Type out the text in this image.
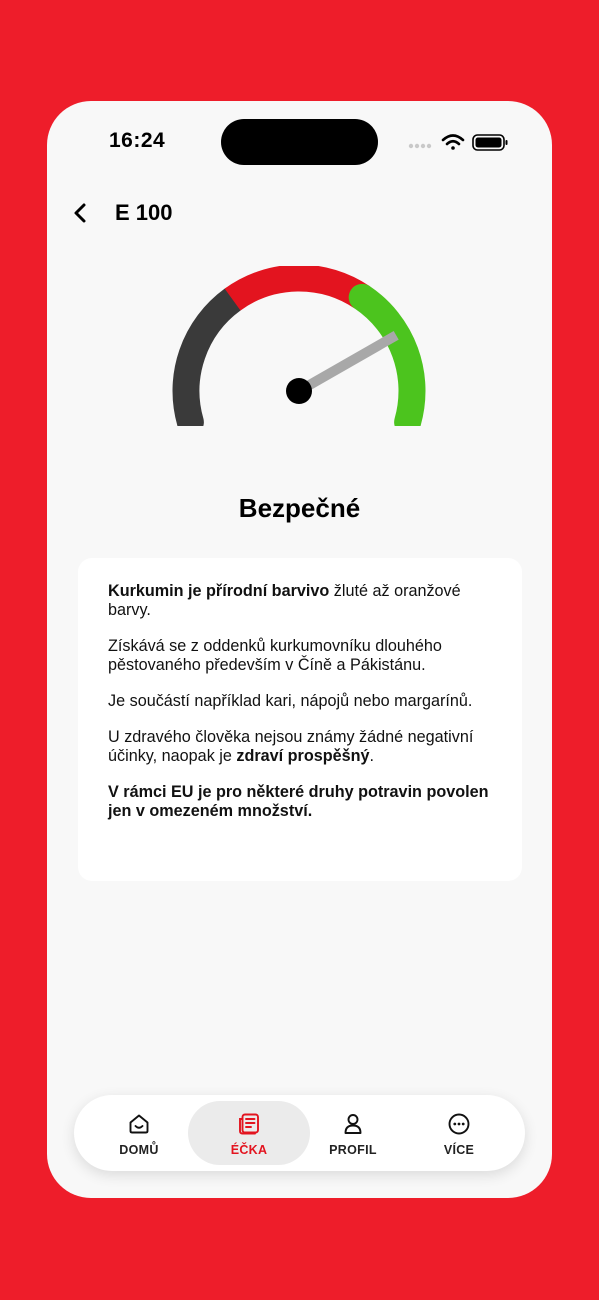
16:24
E 100
Bezpečné

Kurkumin je přírodní barvivo žluté až oranžové barvy.

Získává se z oddenků kurkumovníku dlouhého pěstovaného především v Číně a Pákistánu.

Je součástí například kari, nápojů nebo margarínů.

U zdravého člověka nejsou známy žádné negativní účinky, naopak je zdraví prospěšný.

V rámci EU je pro některé druhy potravin povolen jen v omezeném množství.

DOMŮ	ÉČKA	PROFIL	VÍCE
